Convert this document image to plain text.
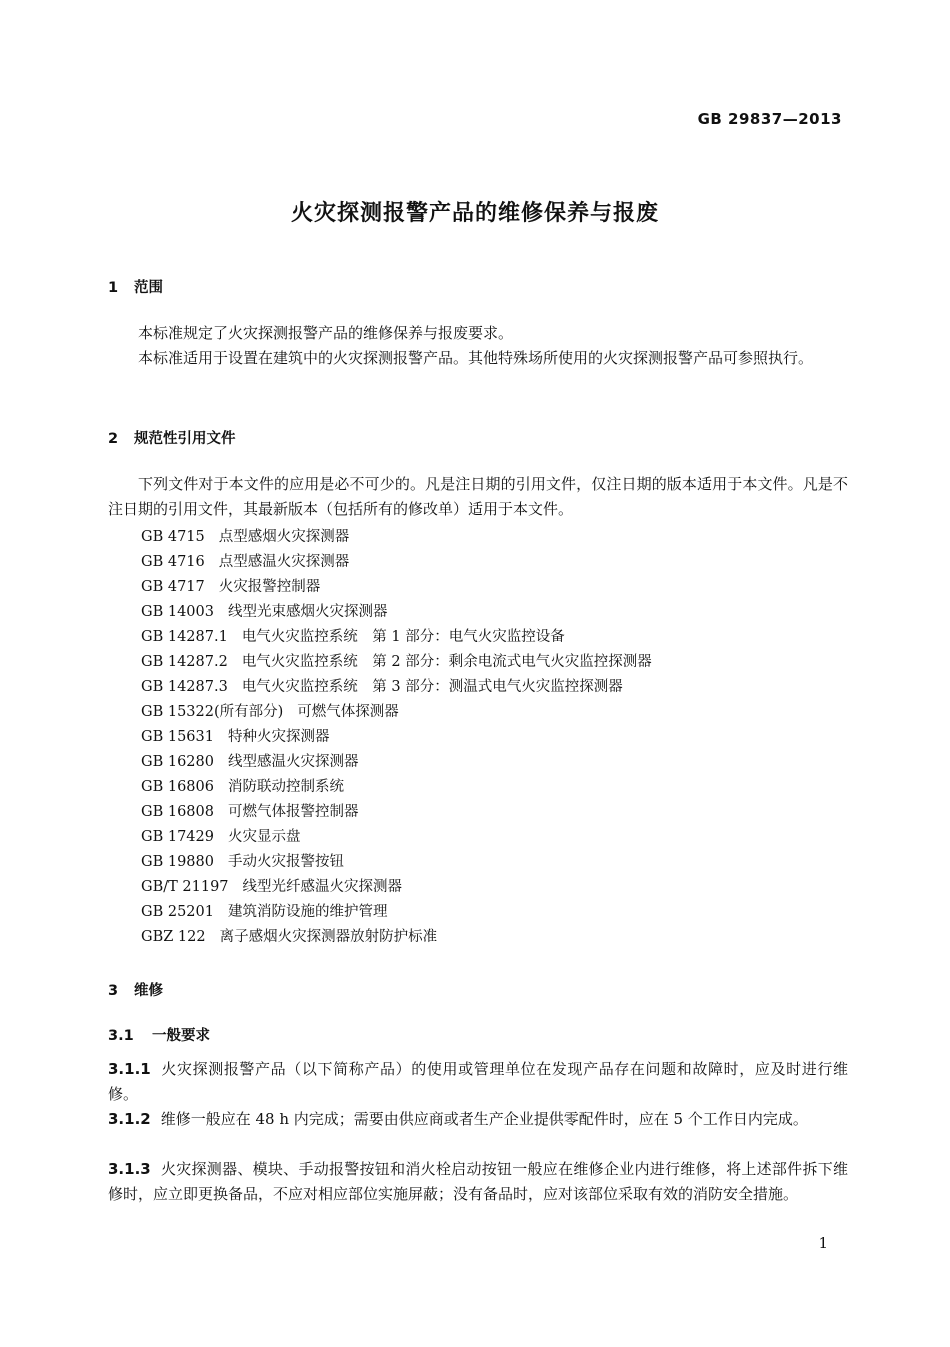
GB 29837—2013
火灾探测报警产品的维修保养与报废
1 范围
本标准规定了火灾探测报警产品的维修保养与报废要求。
本标准适用于设置在建筑中的火灾探测报警产品。其他特殊场所使用的火灾探测报警产品可参照执行。
2 规范性引用文件
下列文件对于本文件的应用是必不可少的。凡是注日期的引用文件，仅注日期的版本适用于本文件。凡是不注日期的引用文件，其最新版本（包括所有的修改单）适用于本文件。
GB 4715 点型感烟火灾探测器
GB 4716 点型感温火灾探测器
GB 4717 火灾报警控制器
GB 14003 线型光束感烟火灾探测器
GB 14287.1 电气火灾监控系统　第 1 部分：电气火灾监控设备
GB 14287.2 电气火灾监控系统　第 2 部分：剩余电流式电气火灾监控探测器
GB 14287.3 电气火灾监控系统　第 3 部分：测温式电气火灾监控探测器
GB 15322(所有部分) 可燃气体探测器
GB 15631 特种火灾探测器
GB 16280 线型感温火灾探测器
GB 16806 消防联动控制系统
GB 16808 可燃气体报警控制器
GB 17429 火灾显示盘
GB 19880 手动火灾报警按钮
GB/T 21197 线型光纤感温火灾探测器
GB 25201 建筑消防设施的维护管理
GBZ 122 离子感烟火灾探测器放射防护标准
3 维修
3.1 一般要求
3.1.1 火灾探测报警产品（以下简称产品）的使用或管理单位在发现产品存在问题和故障时，应及时进行维修。
3.1.2 维修一般应在 48 h 内完成；需要由供应商或者生产企业提供零配件时，应在 5 个工作日内完成。
3.1.3 火灾探测器、模块、手动报警按钮和消火栓启动按钮一般应在维修企业内进行维修，将上述部件拆下维修时，应立即更换备品，不应对相应部位实施屏蔽；没有备品时，应对该部位采取有效的消防安全措施。
1
